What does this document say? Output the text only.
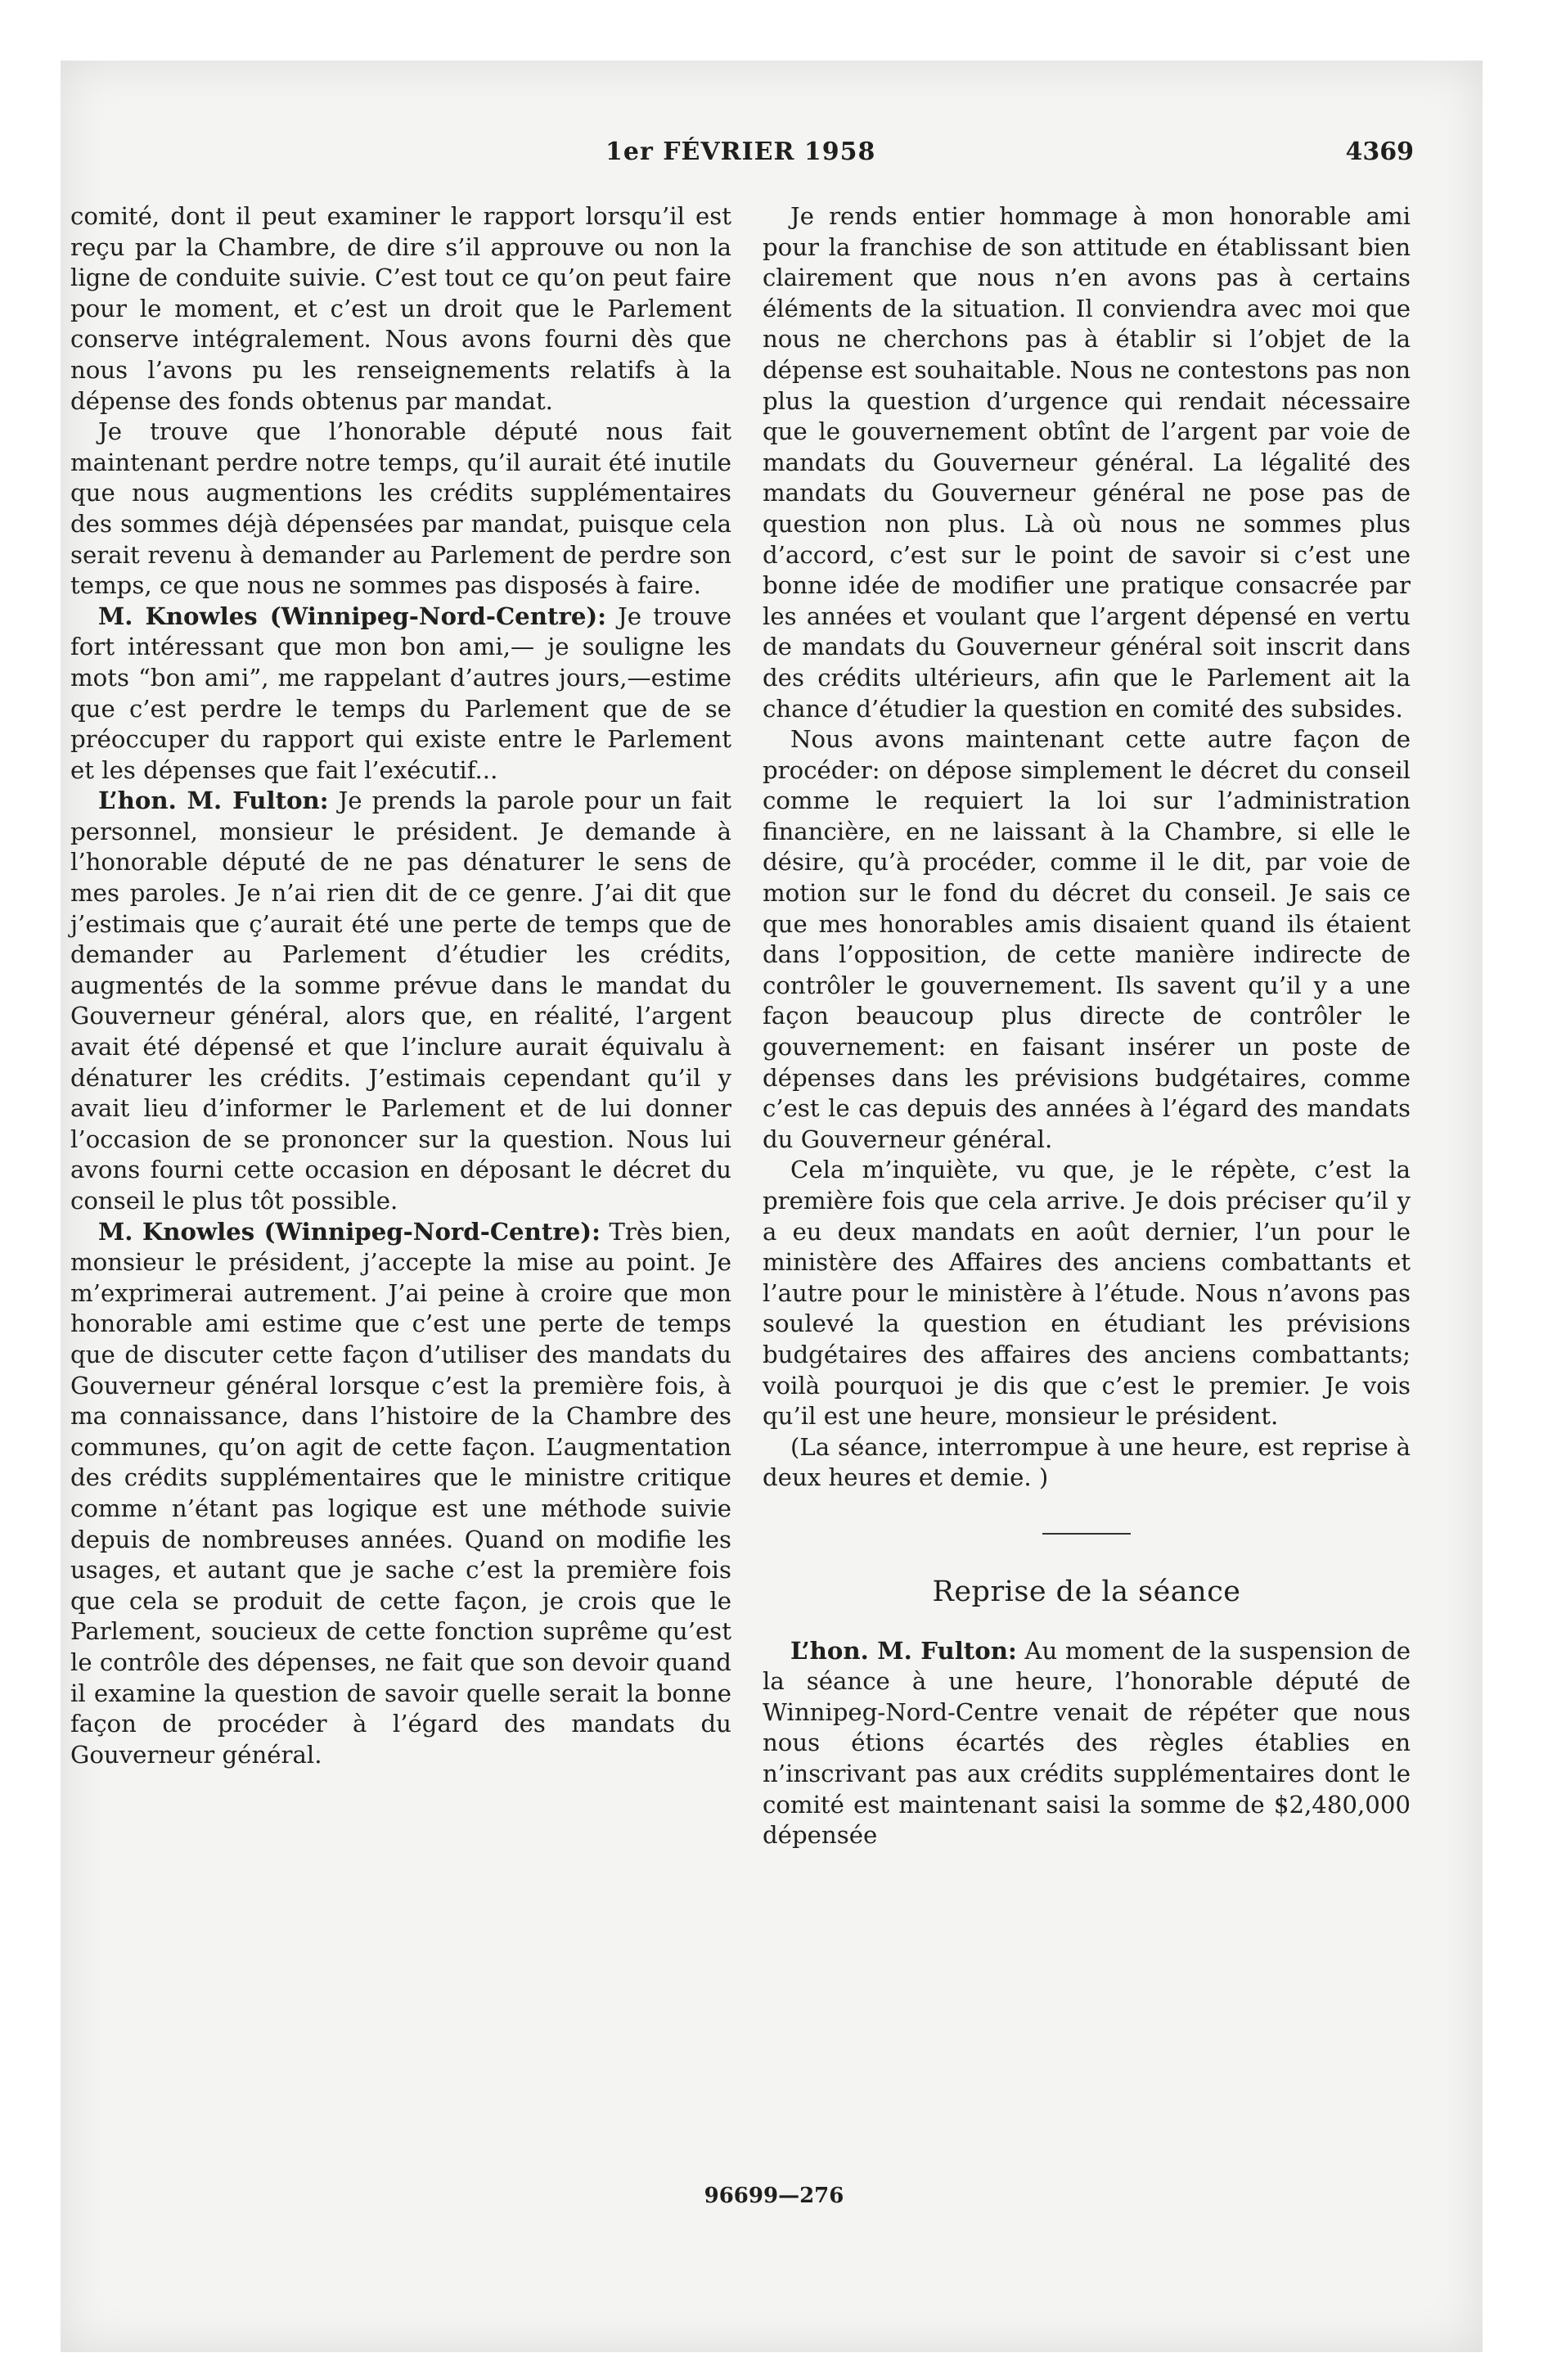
1er FÉVRIER 1958	4369

comité, dont il peut examiner le rapport lorsqu’il est reçu par la Chambre, de dire s’il approuve ou non la ligne de conduite suivie. C’est tout ce qu’on peut faire pour le moment, et c’est un droit que le Parlement conserve intégralement. Nous avons fourni dès que nous l’avons pu les renseignements relatifs à la dépense des fonds obtenus par mandat.

Je trouve que l’honorable député nous fait maintenant perdre notre temps, qu’il aurait été inutile que nous augmentions les crédits supplémentaires des sommes déjà dépensées par mandat, puisque cela serait revenu à demander au Parlement de perdre son temps, ce que nous ne sommes pas disposés à faire.

M. Knowles (Winnipeg-Nord-Centre): Je trouve fort intéressant que mon bon ami,— je souligne les mots “bon ami”, me rappelant d’autres jours,—estime que c’est perdre le temps du Parlement que de se préoccuper du rapport qui existe entre le Parlement et les dépenses que fait l’exécutif...

L’hon. M. Fulton: Je prends la parole pour un fait personnel, monsieur le président. Je demande à l’honorable député de ne pas dénaturer le sens de mes paroles. Je n’ai rien dit de ce genre. J’ai dit que j’estimais que ç’aurait été une perte de temps que de demander au Parlement d’étudier les crédits, augmentés de la somme prévue dans le mandat du Gouverneur général, alors que, en réalité, l’argent avait été dépensé et que l’inclure aurait équivalu à dénaturer les crédits. J’estimais cependant qu’il y avait lieu d’informer le Parlement et de lui donner l’occasion de se prononcer sur la question. Nous lui avons fourni cette occasion en déposant le décret du conseil le plus tôt possible.

M. Knowles (Winnipeg-Nord-Centre): Très bien, monsieur le président, j’accepte la mise au point. Je m’exprimerai autrement. J’ai peine à croire que mon honorable ami estime que c’est une perte de temps que de discuter cette façon d’utiliser des mandats du Gouverneur général lorsque c’est la première fois, à ma connaissance, dans l’histoire de la Chambre des communes, qu’on agit de cette façon. L’augmentation des crédits supplémentaires que le ministre critique comme n’étant pas logique est une méthode suivie depuis de nombreuses années. Quand on modifie les usages, et autant que je sache c’est la première fois que cela se produit de cette façon, je crois que le Parlement, soucieux de cette fonction suprême qu’est le contrôle des dépenses, ne fait que son devoir quand il examine la question de savoir quelle serait la bonne façon de procéder à l’égard des mandats du Gouverneur général.

Je rends entier hommage à mon honorable ami pour la franchise de son attitude en établissant bien clairement que nous n’en avons pas à certains éléments de la situation. Il conviendra avec moi que nous ne cherchons pas à établir si l’objet de la dépense est souhaitable. Nous ne contestons pas non plus la question d’urgence qui rendait nécessaire que le gouvernement obtînt de l’argent par voie de mandats du Gouverneur général. La légalité des mandats du Gouverneur général ne pose pas de question non plus. Là où nous ne sommes plus d’accord, c’est sur le point de savoir si c’est une bonne idée de modifier une pratique consacrée par les années et voulant que l’argent dépensé en vertu de mandats du Gouverneur général soit inscrit dans des crédits ultérieurs, afin que le Parlement ait la chance d’étudier la question en comité des subsides.

Nous avons maintenant cette autre façon de procéder: on dépose simplement le décret du conseil comme le requiert la loi sur l’administration financière, en ne laissant à la Chambre, si elle le désire, qu’à procéder, comme il le dit, par voie de motion sur le fond du décret du conseil. Je sais ce que mes honorables amis disaient quand ils étaient dans l’opposition, de cette manière indirecte de contrôler le gouvernement. Ils savent qu’il y a une façon beaucoup plus directe de contrôler le gouvernement: en faisant insérer un poste de dépenses dans les prévisions budgétaires, comme c’est le cas depuis des années à l’égard des mandats du Gouverneur général.

Cela m’inquiète, vu que, je le répète, c’est la première fois que cela arrive. Je dois préciser qu’il y a eu deux mandats en août dernier, l’un pour le ministère des Affaires des anciens combattants et l’autre pour le ministère à l’étude. Nous n’avons pas soulevé la question en étudiant les prévisions budgétaires des affaires des anciens combattants; voilà pourquoi je dis que c’est le premier. Je vois qu’il est une heure, monsieur le président.

(La séance, interrompue à une heure, est reprise à deux heures et demie. )

Reprise de la séance

L’hon. M. Fulton: Au moment de la suspension de la séance à une heure, l’honorable député de Winnipeg-Nord-Centre venait de répéter que nous nous étions écartés des règles établies en n’inscrivant pas aux crédits supplémentaires dont le comité est maintenant saisi la somme de $2,480,000 dépensée

96699—276
